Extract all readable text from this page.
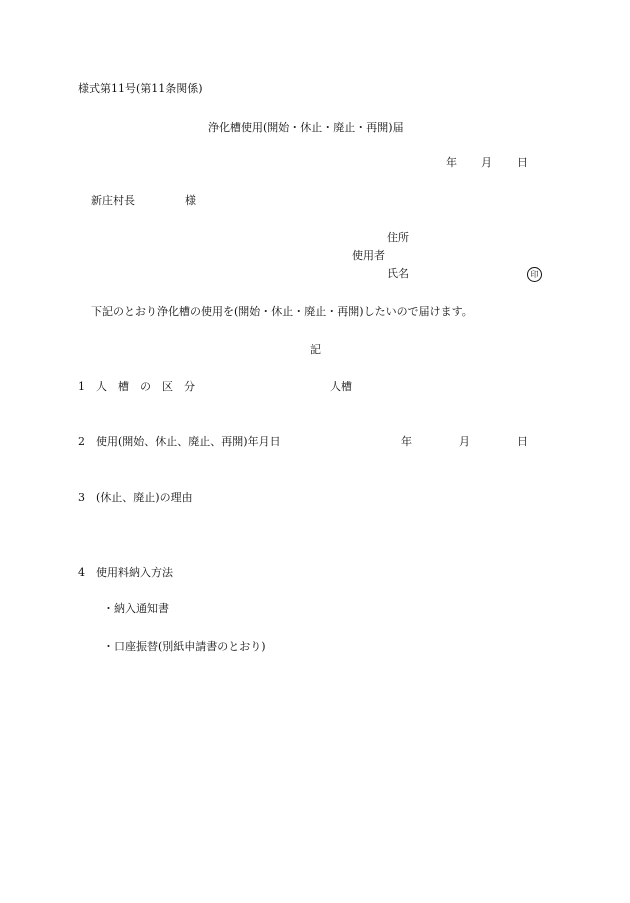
様式第11号(第11条関係)
浄化槽使用(開始・休止・廃止・再開)届
年 月 日
新庄村長	様
住所
使用者
氏名	印
下記のとおり浄化槽の使用を(開始・休止・廃止・再開)したいので届けます。
記
1 人　槽　の　区　分	人槽
2 使用(開始、休止、廃止、再開)年月日	年	月	日
3 (休止、廃止)の理由
4 使用料納入方法
・納入通知書
・口座振替(別紙申請書のとおり)
